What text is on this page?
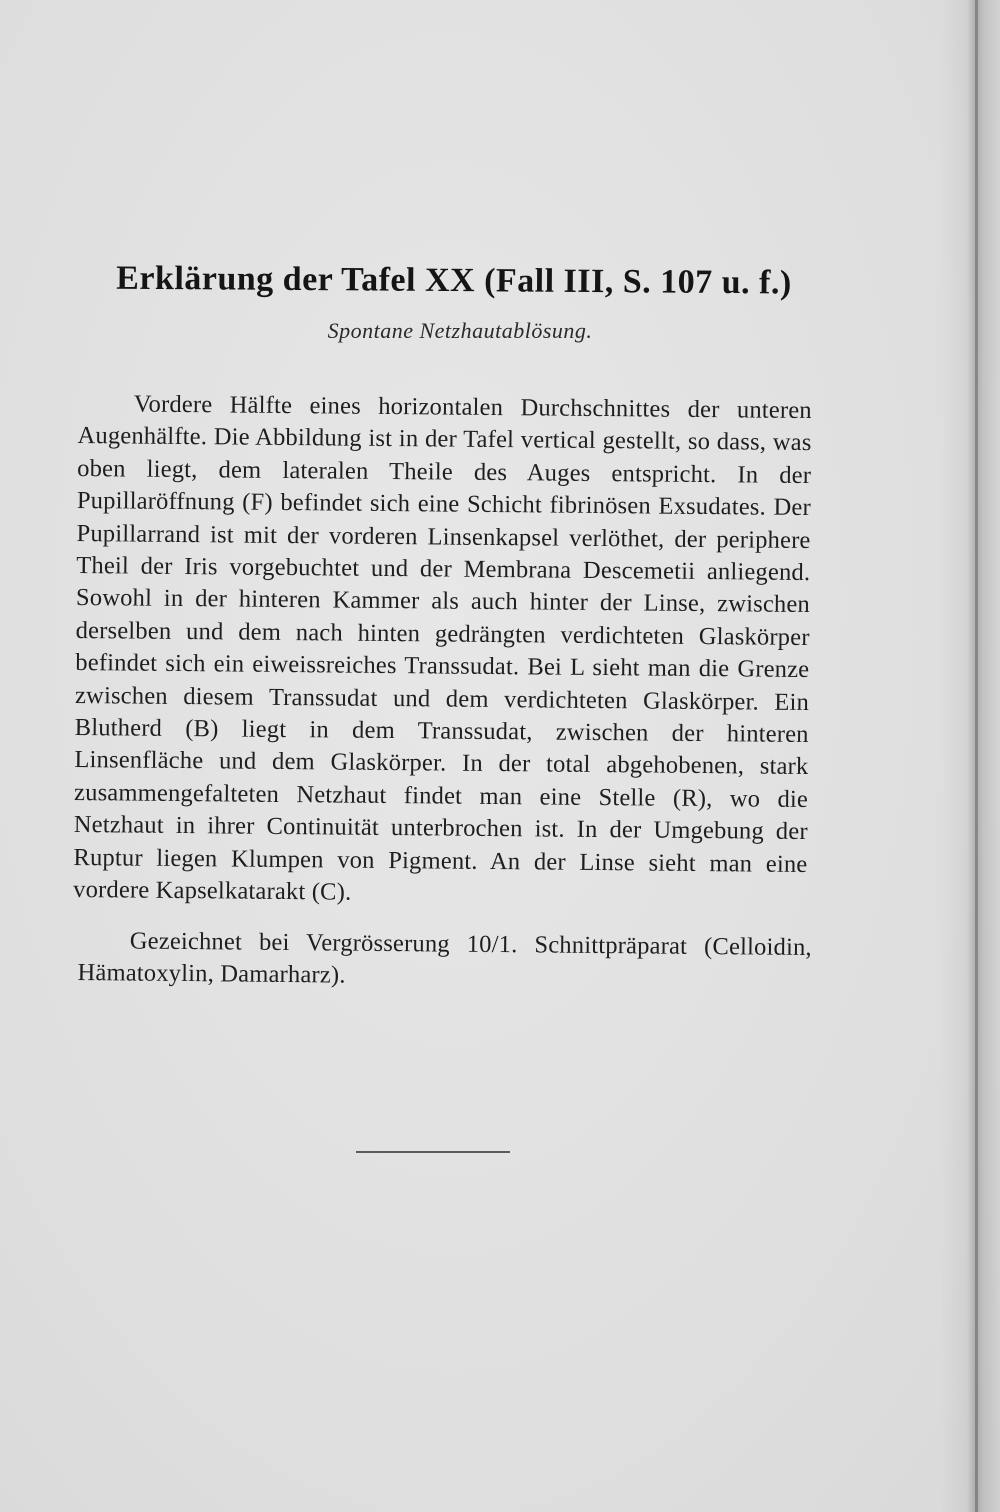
Erklärung der Tafel XX (Fall III, S. 107 u. f.)

Spontane Netzhautablösung.

Vordere Hälfte eines horizontalen Durchschnittes der unteren Augenhälfte. Die Abbildung ist in der Tafel vertical gestellt, so dass, was oben liegt, dem lateralen Theile des Auges entspricht. In der Pupillaröffnung (F) befindet sich eine Schicht fibrinösen Exsudates. Der Pupillarrand ist mit der vorderen Linsenkapsel verlöthet, der periphere Theil der Iris vorgebuchtet und der Membrana Descemetii anliegend. Sowohl in der hinteren Kammer als auch hinter der Linse, zwischen derselben und dem nach hinten gedrängten verdichteten Glaskörper befindet sich ein eiweissreiches Transsudat. Bei L sieht man die Grenze zwischen diesem Transsudat und dem verdichteten Glaskörper. Ein Blutherd (B) liegt in dem Transsudat, zwischen der hinteren Linsenfläche und dem Glaskörper. In der total abgehobenen, stark zusammengefalteten Netzhaut findet man eine Stelle (R), wo die Netzhaut in ihrer Continuität unterbrochen ist. In der Umgebung der Ruptur liegen Klumpen von Pigment. An der Linse sieht man eine vordere Kapselkatarakt (C).

Gezeichnet bei Vergrösserung 10/1. Schnittpräparat (Celloidin, Hämatoxylin, Damarharz).
